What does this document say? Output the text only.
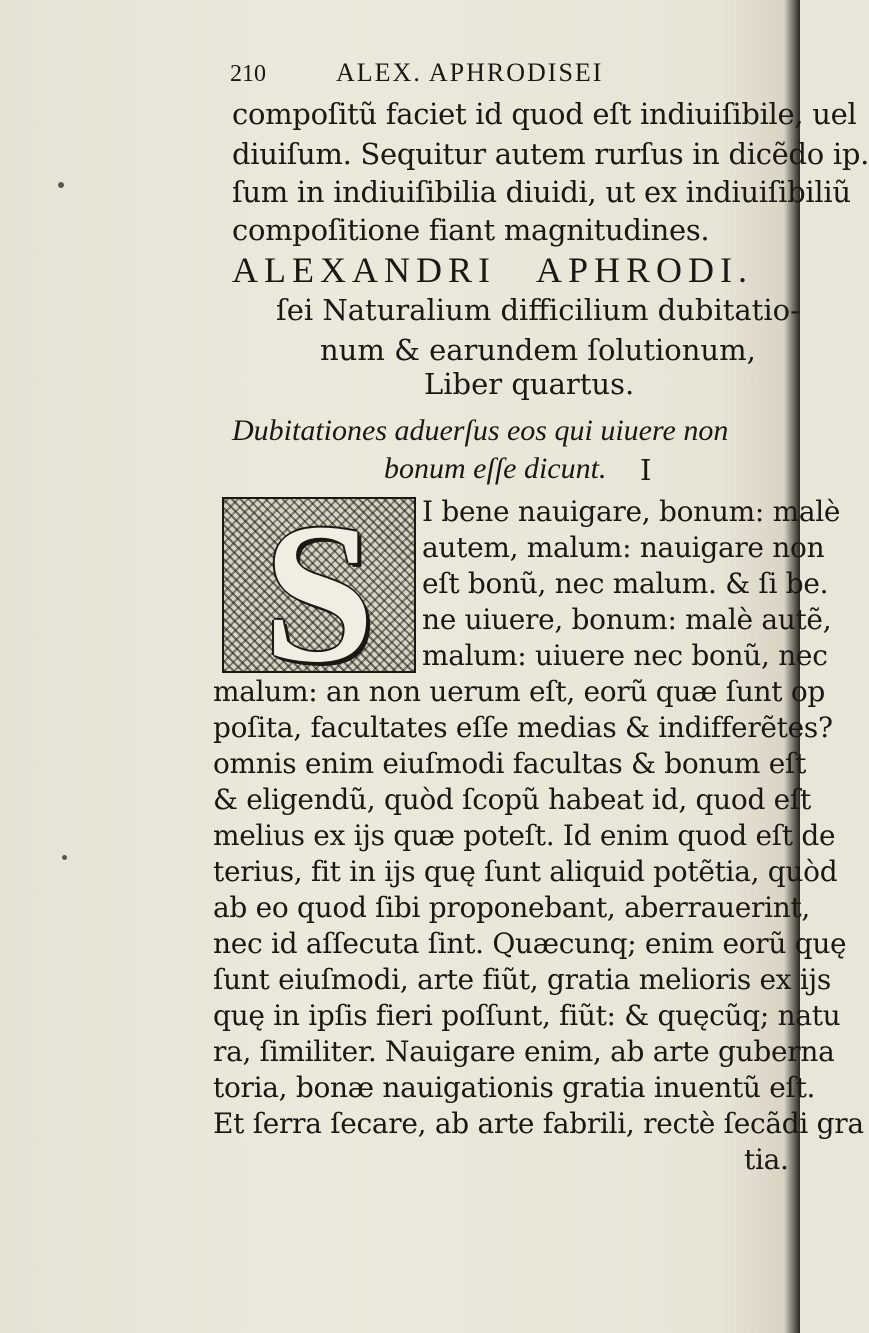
210	ALEX. APHRODISEI
compoſitũ faciet id quod eſt indiuiſibile, uel
diuiſum. Sequitur autem rurſus in dicẽdo ip.
ſum in indiuiſibilia diuidi, ut ex indiuiſibiliũ
compoſitione fiant magnitudines.
ALEXANDRI APHRODI.
ſei Naturalium difficilium dubitatio-
num & earundem ſolutionum,
Liber quartus.
Dubitationes aduerſus eos qui uiuere non
bonum eſſe dicunt. I
S	I bene nauigare, bonum: malè
autem, malum: nauigare non
eſt bonũ, nec malum. & ſi be.
ne uiuere, bonum: malè autẽ,
malum: uiuere nec bonũ, nec
malum: an non uerum eſt, eorũ quæ ſunt op
poſita, facultates eſſe medias & indifferẽtes?
omnis enim eiuſmodi facultas & bonum eſt
& eligendũ, quòd ſcopũ habeat id, quod eſt
melius ex ijs quæ poteſt. Id enim quod eſt de
terius, fit in ijs quę ſunt aliquid potẽtia, quòd
ab eo quod ſibi proponebant, aberrauerint,
nec id aſſecuta ſint. Quæcunq; enim eorũ quę
ſunt eiuſmodi, arte fiũt, gratia melioris ex ijs
quę in ipſis fieri poſſunt, fiũt: & quęcũq; natu
ra, ſimiliter. Nauigare enim, ab arte guberna
toria, bonæ nauigationis gratia inuentũ eſt.
Et ſerra ſecare, ab arte fabrili, rectè ſecãdi gra
tia.
